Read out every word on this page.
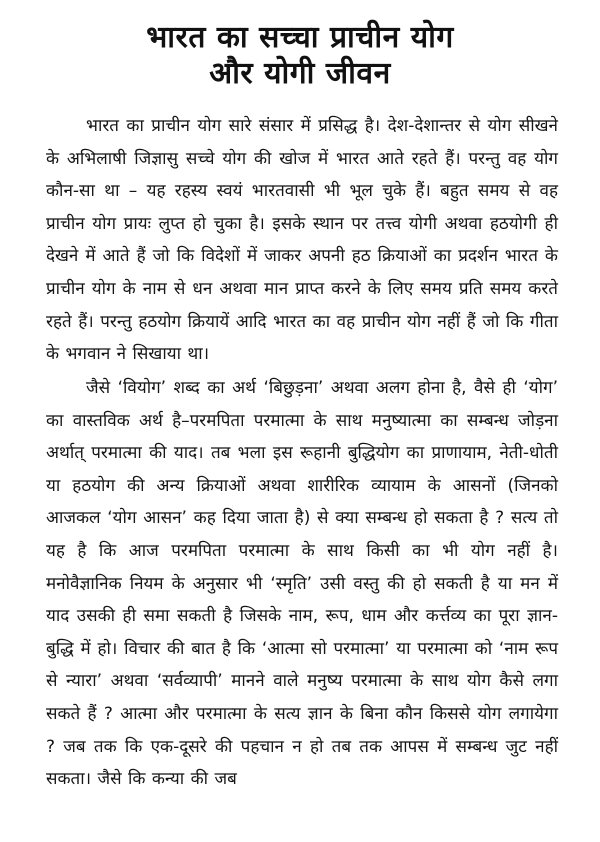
भारत का सच्चा प्राचीन योग
और योगी जीवन

भारत का प्राचीन योग सारे संसार में प्रसिद्ध है। देश-देशान्तर से योग सीखने के अभिलाषी जिज्ञासु सच्चे योग की खोज में भारत आते रहते हैं। परन्तु वह योग कौन-सा था – यह रहस्य स्वयं भारतवासी भी भूल चुके हैं। बहुत समय से वह प्राचीन योग प्रायः लुप्त हो चुका है। इसके स्थान पर तत्त्व योगी अथवा हठयोगी ही देखने में आते हैं जो कि विदेशों में जाकर अपनी हठ क्रियाओं का प्रदर्शन भारत के प्राचीन योग के नाम से धन अथवा मान प्राप्त करने के लिए समय प्रति समय करते रहते हैं। परन्तु हठयोग क्रियायें आदि भारत का वह प्राचीन योग नहीं हैं जो कि गीता के भगवान ने सिखाया था।

जैसे ‘वियोग’ शब्द का अर्थ ‘बिछुड़ना’ अथवा अलग होना है, वैसे ही ‘योग’ का वास्तविक अर्थ है–परमपिता परमात्मा के साथ मनुष्यात्मा का सम्बन्ध जोड़ना अर्थात् परमात्मा की याद। तब भला इस रूहानी बुद्धियोग का प्राणायाम, नेती-धोती या हठयोग की अन्य क्रियाओं अथवा शारीरिक व्यायाम के आसनों (जिनको आजकल ‘योग आसन’ कह दिया जाता है) से क्या सम्बन्ध हो सकता है ? सत्य तो यह है कि आज परमपिता परमात्मा के साथ किसी का भी योग नहीं है। मनोवैज्ञानिक नियम के अनुसार भी ‘स्मृति’ उसी वस्तु की हो सकती है या मन में याद उसकी ही समा सकती है जिसके नाम, रूप, धाम और कर्त्तव्य का पूरा ज्ञान-बुद्धि में हो। विचार की बात है कि ‘आत्मा सो परमात्मा’ या परमात्मा को ‘नाम रूप से न्यारा’ अथवा ‘सर्वव्यापी’ मानने वाले मनुष्य परमात्मा के साथ योग कैसे लगा सकते हैं ? आत्मा और परमात्मा के सत्य ज्ञान के बिना कौन किससे योग लगायेगा ? जब तक कि एक-दूसरे की पहचान न हो तब तक आपस में सम्बन्ध जुट नहीं सकता। जैसे कि कन्या की जब
